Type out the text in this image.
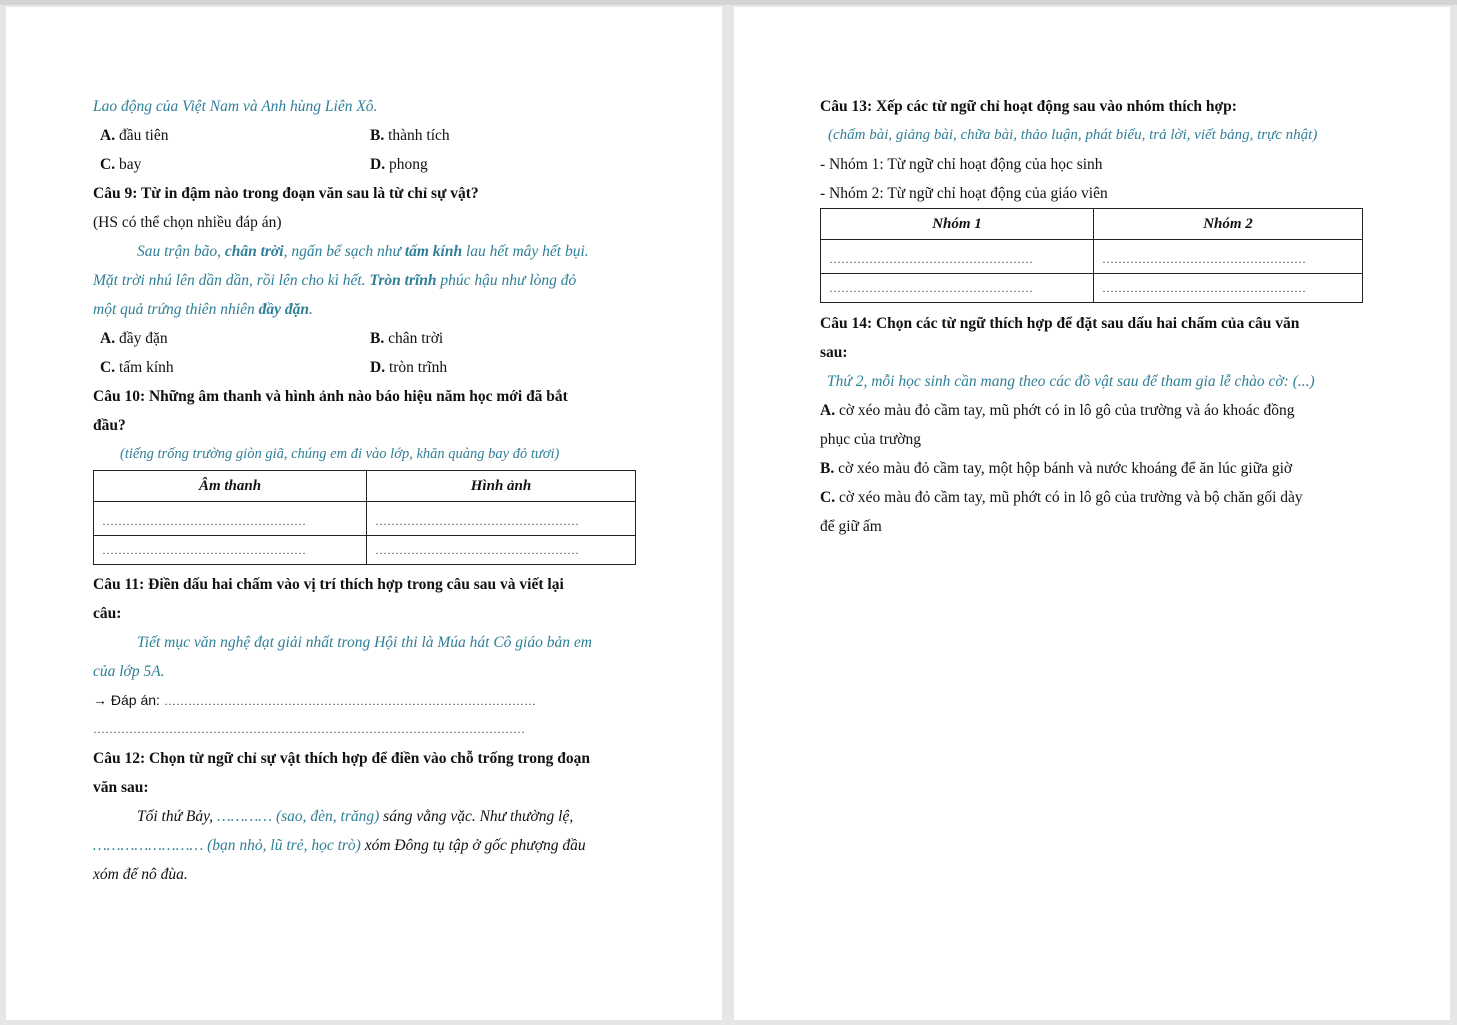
Lao động của Việt Nam và Anh hùng Liên Xô.
A. đầu tiên	B. thành tích
C. bay	D. phong
Câu 9: Từ in đậm nào trong đoạn văn sau là từ chỉ sự vật?
(HS có thể chọn nhiều đáp án)
Sau trận bão, chân trời, ngấn bể sạch như tấm kính lau hết mây hết bụi.
Mặt trời nhú lên dần dần, rồi lên cho kì hết. Tròn trĩnh phúc hậu như lòng đỏ
một quả trứng thiên nhiên đầy đặn.
A. đầy đặn	B. chân trời
C. tấm kính	D. tròn trĩnh
Câu 10: Những âm thanh và hình ảnh nào báo hiệu năm học mới đã bắt
đầu?
(tiếng trống trường giòn giã, chúng em đi vào lớp, khăn quàng bay đỏ tươi)
Âm thanh	Hình ảnh
……………………………………………	……………………………………………
……………………………………………	……………………………………………
Câu 11: Điền dấu hai chấm vào vị trí thích hợp trong câu sau và viết lại
câu:
Tiết mục văn nghệ đạt giải nhất trong Hội thi là Múa hát Cô giáo bản em
của lớp 5A.
→ Đáp án: …………………………………………………………………………………
………………………………………………………………………………………………
Câu 12: Chọn từ ngữ chỉ sự vật thích hợp để điền vào chỗ trống trong đoạn
văn sau:
Tối thứ Bảy, ………… (sao, đèn, trăng) sáng vằng vặc. Như thường lệ,
…………………… (bạn nhỏ, lũ trẻ, học trò) xóm Đông tụ tập ở gốc phượng đầu
xóm để nô đùa.
Câu 13: Xếp các từ ngữ chỉ hoạt động sau vào nhóm thích hợp:
(chấm bài, giảng bài, chữa bài, thảo luận, phát biểu, trả lời, viết bảng, trực nhật)
- Nhóm 1: Từ ngữ chỉ hoạt động của học sinh
- Nhóm 2: Từ ngữ chỉ hoạt động của giáo viên
Nhóm 1	Nhóm 2
……………………………………………	……………………………………………
……………………………………………	……………………………………………
Câu 14: Chọn các từ ngữ thích hợp để đặt sau dấu hai chấm của câu văn
sau:
Thứ 2, mỗi học sinh cần mang theo các đồ vật sau để tham gia lễ chào cờ: (...)
A. cờ xéo màu đỏ cầm tay, mũ phớt có in lô gô của trường và áo khoác đồng
phục của trường
B. cờ xéo màu đỏ cầm tay, một hộp bánh và nước khoáng để ăn lúc giữa giờ
C. cờ xéo màu đỏ cầm tay, mũ phớt có in lô gô của trường và bộ chăn gối dày
để giữ ấm
